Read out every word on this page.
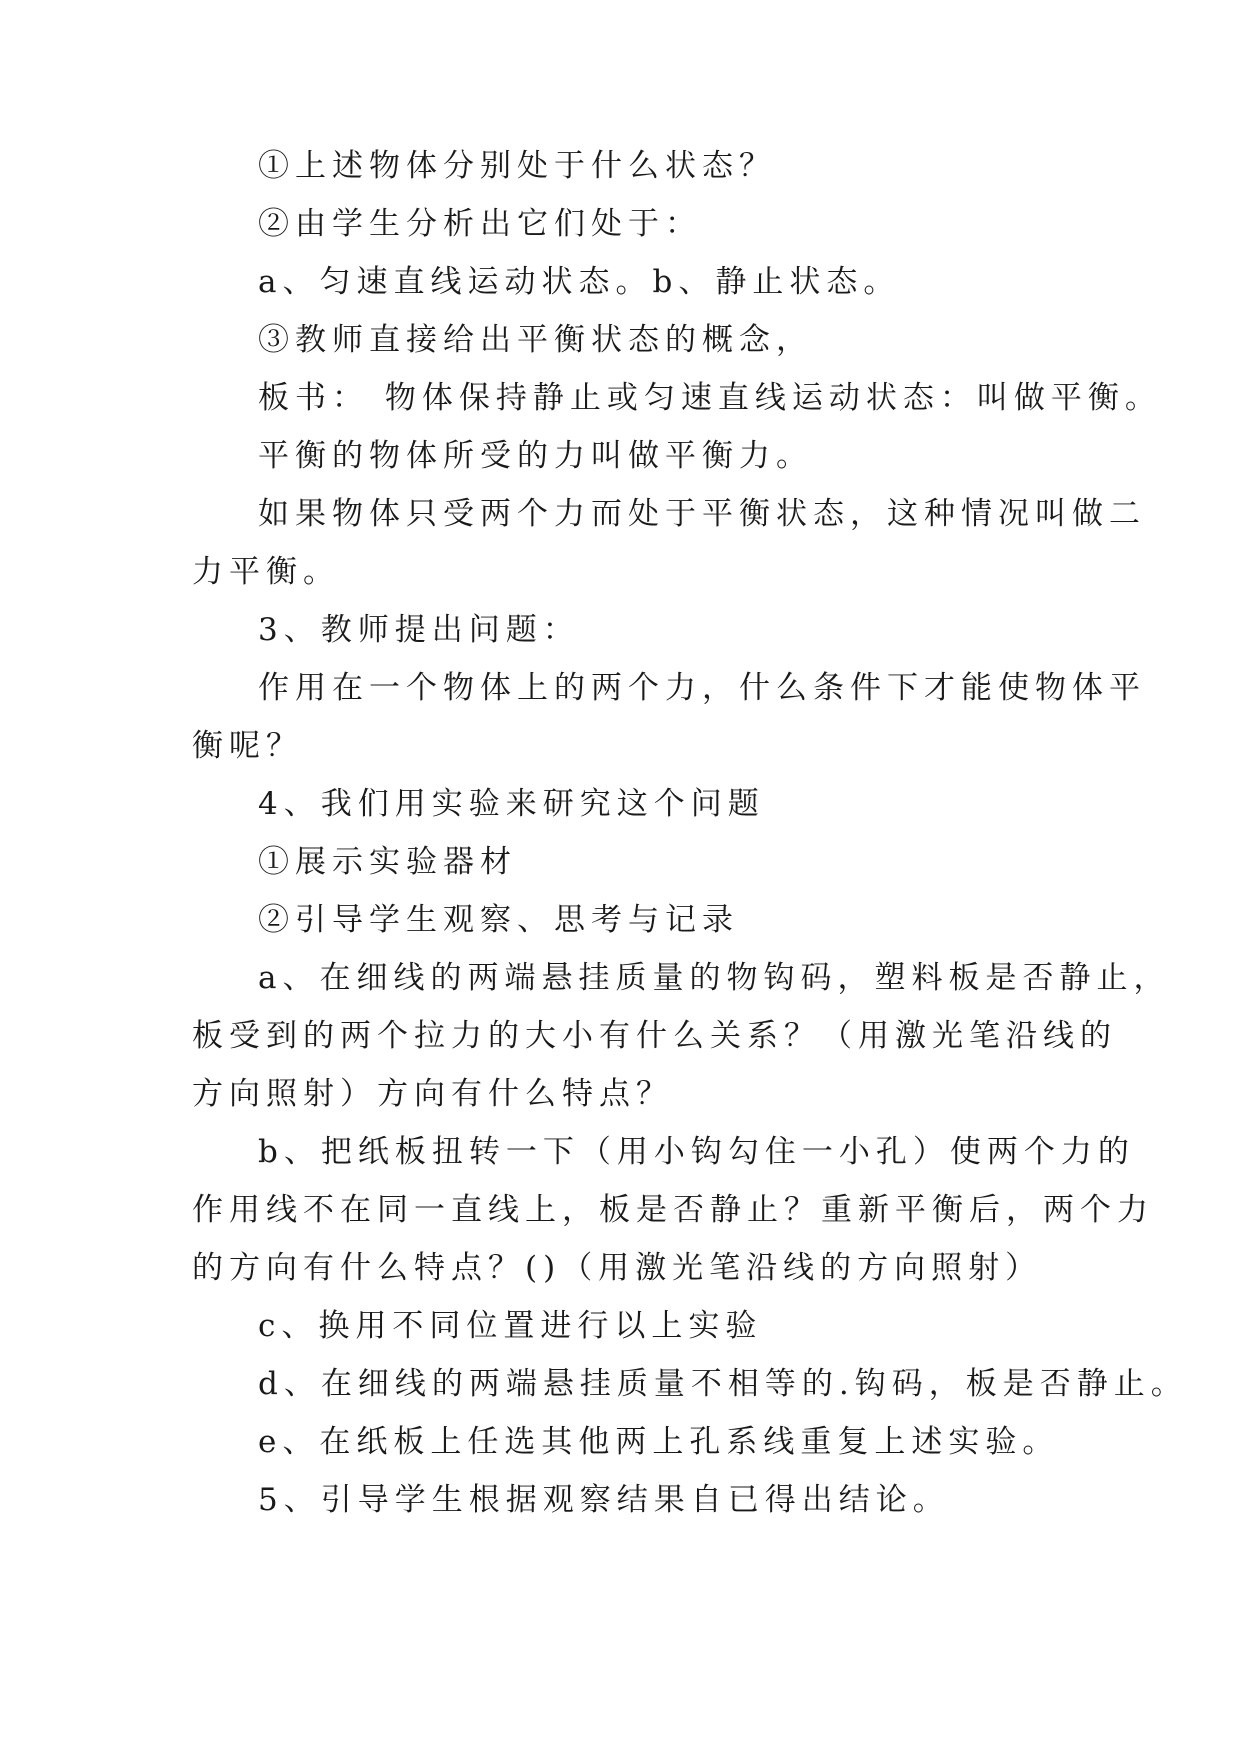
①上述物体分别处于什么状态？
②由学生分析出它们处于：
a、匀速直线运动状态。b、静止状态。
③教师直接给出平衡状态的概念，
板书： 物体保持静止或匀速直线运动状态：叫做平衡。
平衡的物体所受的力叫做平衡力。
如果物体只受两个力而处于平衡状态，这种情况叫做二
力平衡。
3、教师提出问题：
作用在一个物体上的两个力，什么条件下才能使物体平
衡呢？
4、我们用实验来研究这个问题
①展示实验器材
②引导学生观察、思考与记录
a、在细线的两端悬挂质量的物钩码，塑料板是否静止，
板受到的两个拉力的大小有什么关系？（用激光笔沿线的
方向照射）方向有什么特点？
b、把纸板扭转一下（用小钩勾住一小孔）使两个力的
作用线不在同一直线上，板是否静止？重新平衡后，两个力
的方向有什么特点？()（用激光笔沿线的方向照射）
c、换用不同位置进行以上实验
d、在细线的两端悬挂质量不相等的.钩码，板是否静止。
e、在纸板上任选其他两上孔系线重复上述实验。
5、引导学生根据观察结果自已得出结论。
